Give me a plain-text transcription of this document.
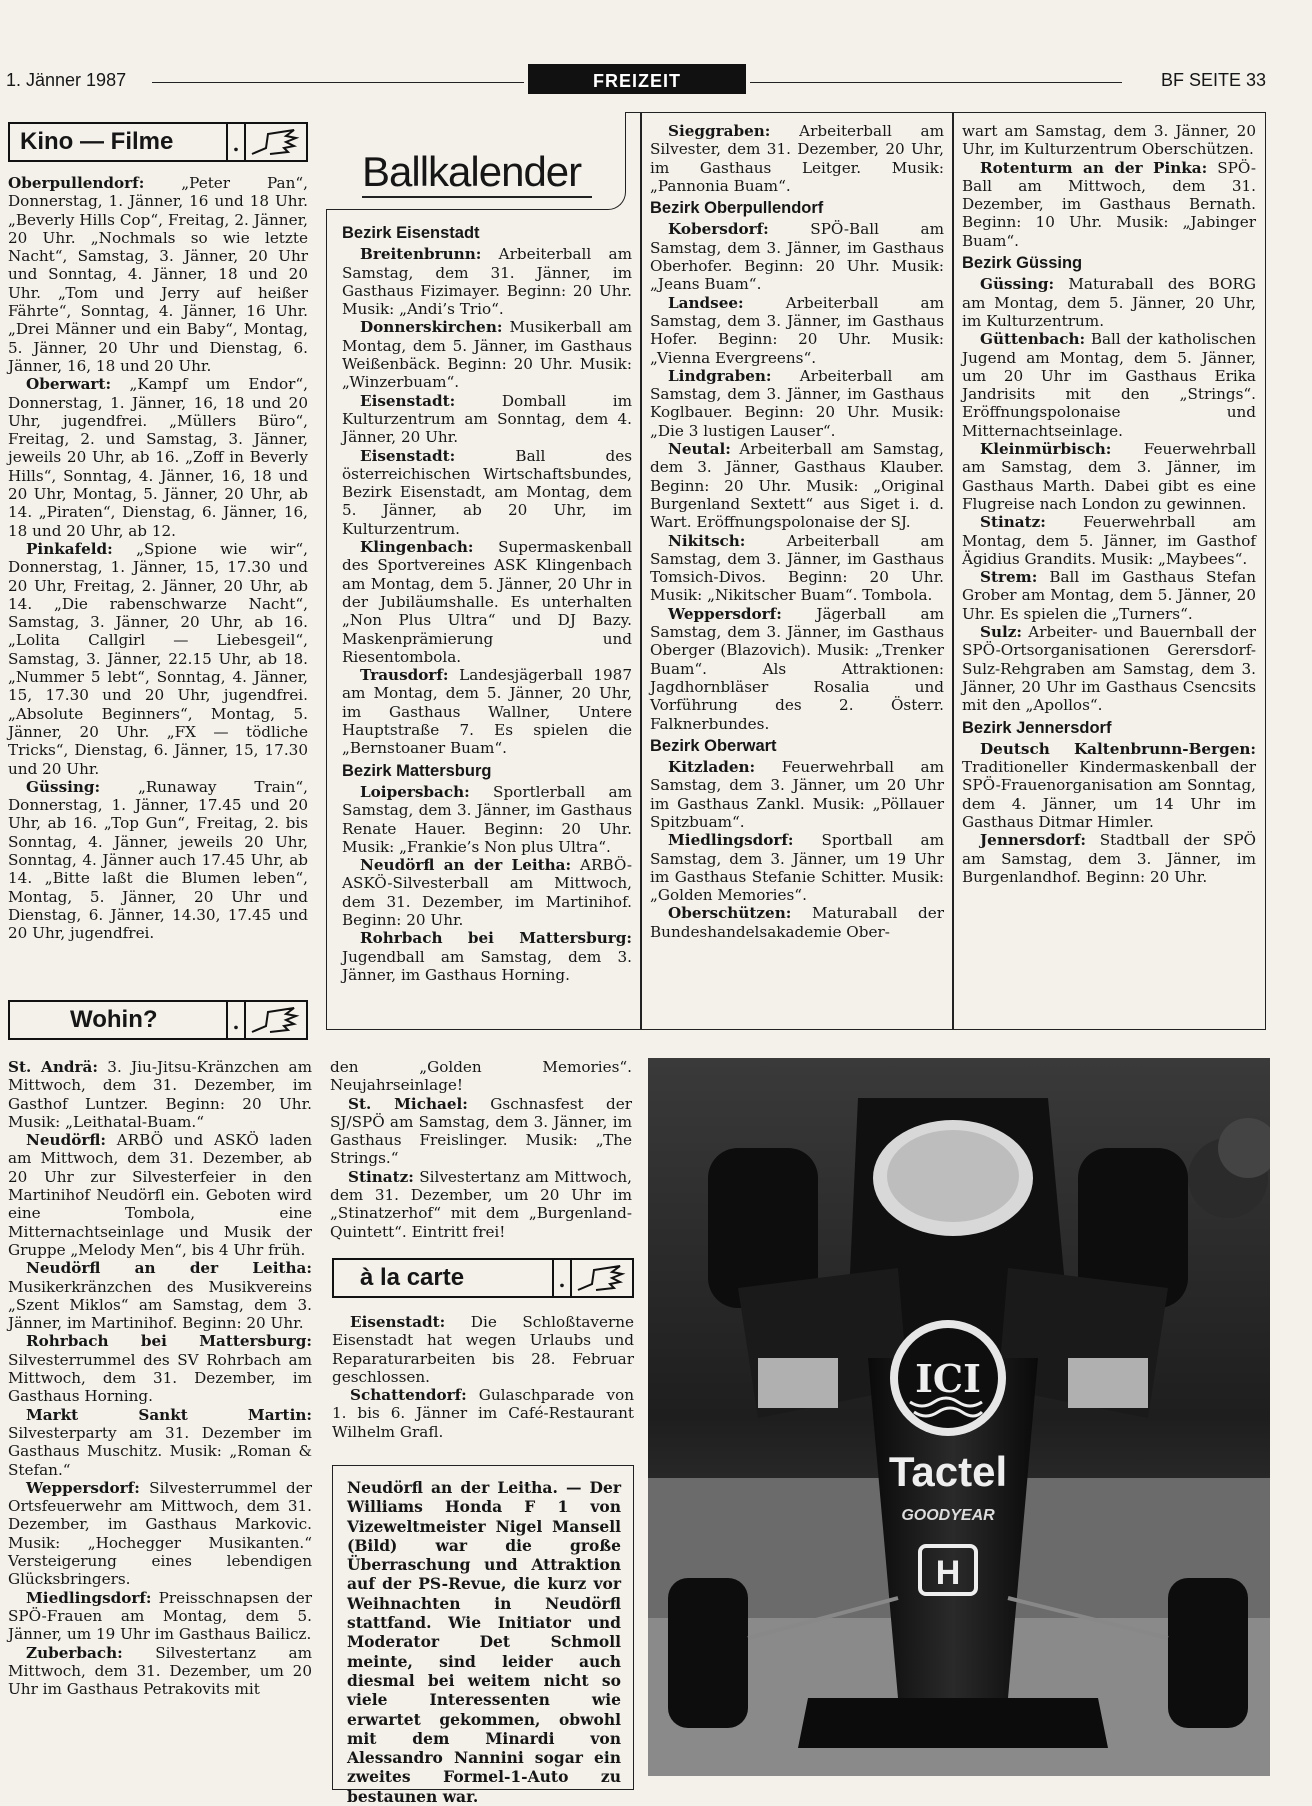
1. Jänner 1987	FREIZEIT	BF SEITE 33
Kino — Filme	.

Oberpullendorf: „Peter Pan“, Donnerstag, 1. Jänner, 16 und 18 Uhr. „Beverly Hills Cop“, Freitag, 2. Jänner, 20 Uhr. „Nochmals so wie letzte Nacht“, Samstag, 3. Jänner, 20 Uhr und Sonntag, 4. Jänner, 18 und 20 Uhr. „Tom und Jerry auf heißer Fährte“, Sonntag, 4. Jänner, 16 Uhr. „Drei Männer und ein Baby“, Montag, 5. Jänner, 20 Uhr und Dienstag, 6. Jänner, 16, 18 und 20 Uhr.

Oberwart: „Kampf um Endor“, Donnerstag, 1. Jänner, 16, 18 und 20 Uhr, jugendfrei. „Müllers Büro“, Freitag, 2. und Samstag, 3. Jänner, jeweils 20 Uhr, ab 16. „Zoff in Beverly Hills“, Sonntag, 4. Jänner, 16, 18 und 20 Uhr, Montag, 5. Jänner, 20 Uhr, ab 14. „Piraten“, Dienstag, 6. Jänner, 16, 18 und 20 Uhr, ab 12.

Pinkafeld: „Spione wie wir“, Donnerstag, 1. Jänner, 15, 17.30 und 20 Uhr, Freitag, 2. Jänner, 20 Uhr, ab 14. „Die rabenschwarze Nacht“, Samstag, 3. Jänner, 20 Uhr, ab 16. „Lolita Callgirl — Liebesgeil“, Samstag, 3. Jänner, 22.15 Uhr, ab 18. „Nummer 5 lebt“, Sonntag, 4. Jänner, 15, 17.30 und 20 Uhr, jugendfrei. „Absolute Beginners“, Montag, 5. Jänner, 20 Uhr. „FX — tödliche Tricks“, Dienstag, 6. Jänner, 15, 17.30 und 20 Uhr.

Güssing: „Runaway Train“, Donnerstag, 1. Jänner, 17.45 und 20 Uhr, ab 16. „Top Gun“, Freitag, 2. bis Sonntag, 4. Jänner, jeweils 20 Uhr, Sonntag, 4. Jänner auch 17.45 Uhr, ab 14. „Bitte laßt die Blumen leben“, Montag, 5. Jänner, 20 Uhr und Dienstag, 6. Jänner, 14.30, 17.45 und 20 Uhr, jugendfrei.

Wohin?	.

St. Andrä: 3. Jiu-Jitsu-Kränzchen am Mittwoch, dem 31. Dezember, im Gasthof Luntzer. Beginn: 20 Uhr. Musik: „Leithatal-Buam.“

Neudörfl: ARBÖ und ASKÖ laden am Mittwoch, dem 31. Dezember, ab 20 Uhr zur Silvesterfeier in den Martinihof Neudörfl ein. Geboten wird eine Tombola, eine Mitternachtseinlage und Musik der Gruppe „Melody Men“, bis 4 Uhr früh.

Neudörfl an der Leitha: Musikerkränzchen des Musikvereins „Szent Miklos“ am Samstag, dem 3. Jänner, im Martinihof. Beginn: 20 Uhr.

Rohrbach bei Mattersburg: Silvesterrummel des SV Rohrbach am Mittwoch, dem 31. Dezember, im Gasthaus Horning.

Markt Sankt Martin: Silvesterparty am 31. Dezember im Gasthaus Muschitz. Musik: „Roman & Stefan.“

Weppersdorf: Silvesterrummel der Ortsfeuerwehr am Mittwoch, dem 31. Dezember, im Gasthaus Markovic. Musik: „Hochegger Musikanten.“ Versteigerung eines lebendigen Glücksbringers.

Miedlingsdorf: Preisschnapsen der SPÖ-Frauen am Montag, dem 5. Jänner, um 19 Uhr im Gasthaus Bailicz.

Zuberbach: Silvestertanz am Mittwoch, dem 31. Dezember, um 20 Uhr im Gasthaus Petrakovits mit

den „Golden Memories“. Neujahrseinlage!

St. Michael: Gschnasfest der SJ/SPÖ am Samstag, dem 3. Jänner, im Gasthaus Freislinger. Musik: „The Strings.“

Stinatz: Silvestertanz am Mittwoch, dem 31. Dezember, um 20 Uhr im „Stinatzerhof“ mit dem „Burgenland-Quintett“. Eintritt frei!

à la carte	.

Eisenstadt: Die Schloßtaverne Eisenstadt hat wegen Urlaubs und Reparaturarbeiten bis 28. Februar geschlossen.

Schattendorf: Gulaschparade von 1. bis 6. Jänner im Café-Restaurant Wilhelm Grafl.

Ballkalender
Bezirk Eisenstadt

Breitenbrunn: Arbeiterball am Samstag, dem 31. Jänner, im Gasthaus Fizimayer. Beginn: 20 Uhr. Musik: „Andi’s Trio“.

Donnerskirchen: Musikerball am Montag, dem 5. Jänner, im Gasthaus Weißenbäck. Beginn: 20 Uhr. Musik: „Winzerbuam“.

Eisenstadt: Domball im Kulturzentrum am Sonntag, dem 4. Jänner, 20 Uhr.

Eisenstadt: Ball des österreichischen Wirtschaftsbundes, Bezirk Eisenstadt, am Montag, dem 5. Jänner, ab 20 Uhr, im Kulturzentrum.

Klingenbach: Supermaskenball des Sportvereines ASK Klingenbach am Montag, dem 5. Jänner, 20 Uhr in der Jubiläumshalle. Es unterhalten „Non Plus Ultra“ und DJ Bazy. Maskenprämierung und Riesentombola.

Trausdorf: Landesjägerball 1987 am Montag, dem 5. Jänner, 20 Uhr, im Gasthaus Wallner, Untere Hauptstraße 7. Es spielen die „Bernstoaner Buam“.

Bezirk Mattersburg

Loipersbach: Sportlerball am Samstag, dem 3. Jänner, im Gasthaus Renate Hauer. Beginn: 20 Uhr. Musik: „Frankie’s Non plus Ultra“.

Neudörfl an der Leitha: ARBÖ-ASKÖ-Silvesterball am Mittwoch, dem 31. Dezember, im Martinihof. Beginn: 20 Uhr.

Rohrbach bei Mattersburg: Jugendball am Samstag, dem 3. Jänner, im Gasthaus Horning.

Sieggraben: Arbeiterball am Silvester, dem 31. Dezember, 20 Uhr, im Gasthaus Leitger. Musik: „Pannonia Buam“.

Bezirk Oberpullendorf

Kobersdorf: SPÖ-Ball am Samstag, dem 3. Jänner, im Gasthaus Oberhofer. Beginn: 20 Uhr. Musik: „Jeans Buam“.

Landsee: Arbeiterball am Samstag, dem 3. Jänner, im Gasthaus Hofer. Beginn: 20 Uhr. Musik: „Vienna Evergreens“.

Lindgraben: Arbeiterball am Samstag, dem 3. Jänner, im Gasthaus Koglbauer. Beginn: 20 Uhr. Musik: „Die 3 lustigen Lauser“.

Neutal: Arbeiterball am Samstag, dem 3. Jänner, Gasthaus Klauber. Beginn: 20 Uhr. Musik: „Original Burgenland Sextett“ aus Siget i. d. Wart. Eröffnungspolonaise der SJ.

Nikitsch: Arbeiterball am Samstag, dem 3. Jänner, im Gasthaus Tomsich-Divos. Beginn: 20 Uhr. Musik: „Nikitscher Buam“. Tombola.

Weppersdorf: Jägerball am Samstag, dem 3. Jänner, im Gasthaus Oberger (Blazovich). Musik: „Trenker Buam“. Als Attraktionen: Jagdhornbläser Rosalia und Vorführung des 2. Österr. Falknerbundes.

Bezirk Oberwart

Kitzladen: Feuerwehrball am Samstag, dem 3. Jänner, um 20 Uhr im Gasthaus Zankl. Musik: „Pöllauer Spitzbuam“.

Miedlingsdorf: Sportball am Samstag, dem 3. Jänner, um 19 Uhr im Gasthaus Stefanie Schitter. Musik: „Golden Memories“.

Oberschützen: Maturaball der Bundeshandelsakademie Ober-

wart am Samstag, dem 3. Jänner, 20 Uhr, im Kulturzentrum Oberschützen.

Rotenturm an der Pinka: SPÖ-Ball am Mittwoch, dem 31. Dezember, im Gasthaus Bernath. Beginn: 10 Uhr. Musik: „Jabinger Buam“.

Bezirk Güssing

Güssing: Maturaball des BORG am Montag, dem 5. Jänner, 20 Uhr, im Kulturzentrum.

Güttenbach: Ball der katholischen Jugend am Montag, dem 5. Jänner, um 20 Uhr im Gasthaus Erika Jandrisits mit den „Strings“. Eröffnungspolonaise und Mitternachtseinlage.

Kleinmürbisch: Feuerwehrball am Samstag, dem 3. Jänner, im Gasthaus Marth. Dabei gibt es eine Flugreise nach London zu gewinnen.

Stinatz: Feuerwehrball am Montag, dem 5. Jänner, im Gasthof Ägidius Grandits. Musik: „Maybees“.

Strem: Ball im Gasthaus Stefan Grober am Montag, dem 5. Jänner, 20 Uhr. Es spielen die „Turners“.

Sulz: Arbeiter- und Bauernball der SPÖ-Ortsorganisationen Gerersdorf-Sulz-Rehgraben am Samstag, dem 3. Jänner, 20 Uhr im Gasthaus Csencsits mit den „Apollos“.

Bezirk Jennersdorf

Deutsch Kaltenbrunn-Bergen: Traditioneller Kindermaskenball der SPÖ-Frauenorganisation am Sonntag, dem 4. Jänner, um 14 Uhr im Gasthaus Ditmar Himler.

Jennersdorf: Stadtball der SPÖ am Samstag, dem 3. Jänner, im Burgenlandhof. Beginn: 20 Uhr.

Neudörfl an der Leitha. — Der Williams Honda F 1 von Vizeweltmeister Nigel Mansell (Bild) war die große Überraschung und Attraktion auf der PS-Revue, die kurz vor Weihnachten in Neudörfl stattfand. Wie Initiator und Moderator Det Schmoll meinte, sind leider auch diesmal bei weitem nicht so viele Interessenten wie erwartet gekommen, obwohl mit dem Minardi von Alessandro Nannini sogar ein zweites Formel-1-Auto zu bestaunen war.
ICI
Tactel
GOODYEAR
H
